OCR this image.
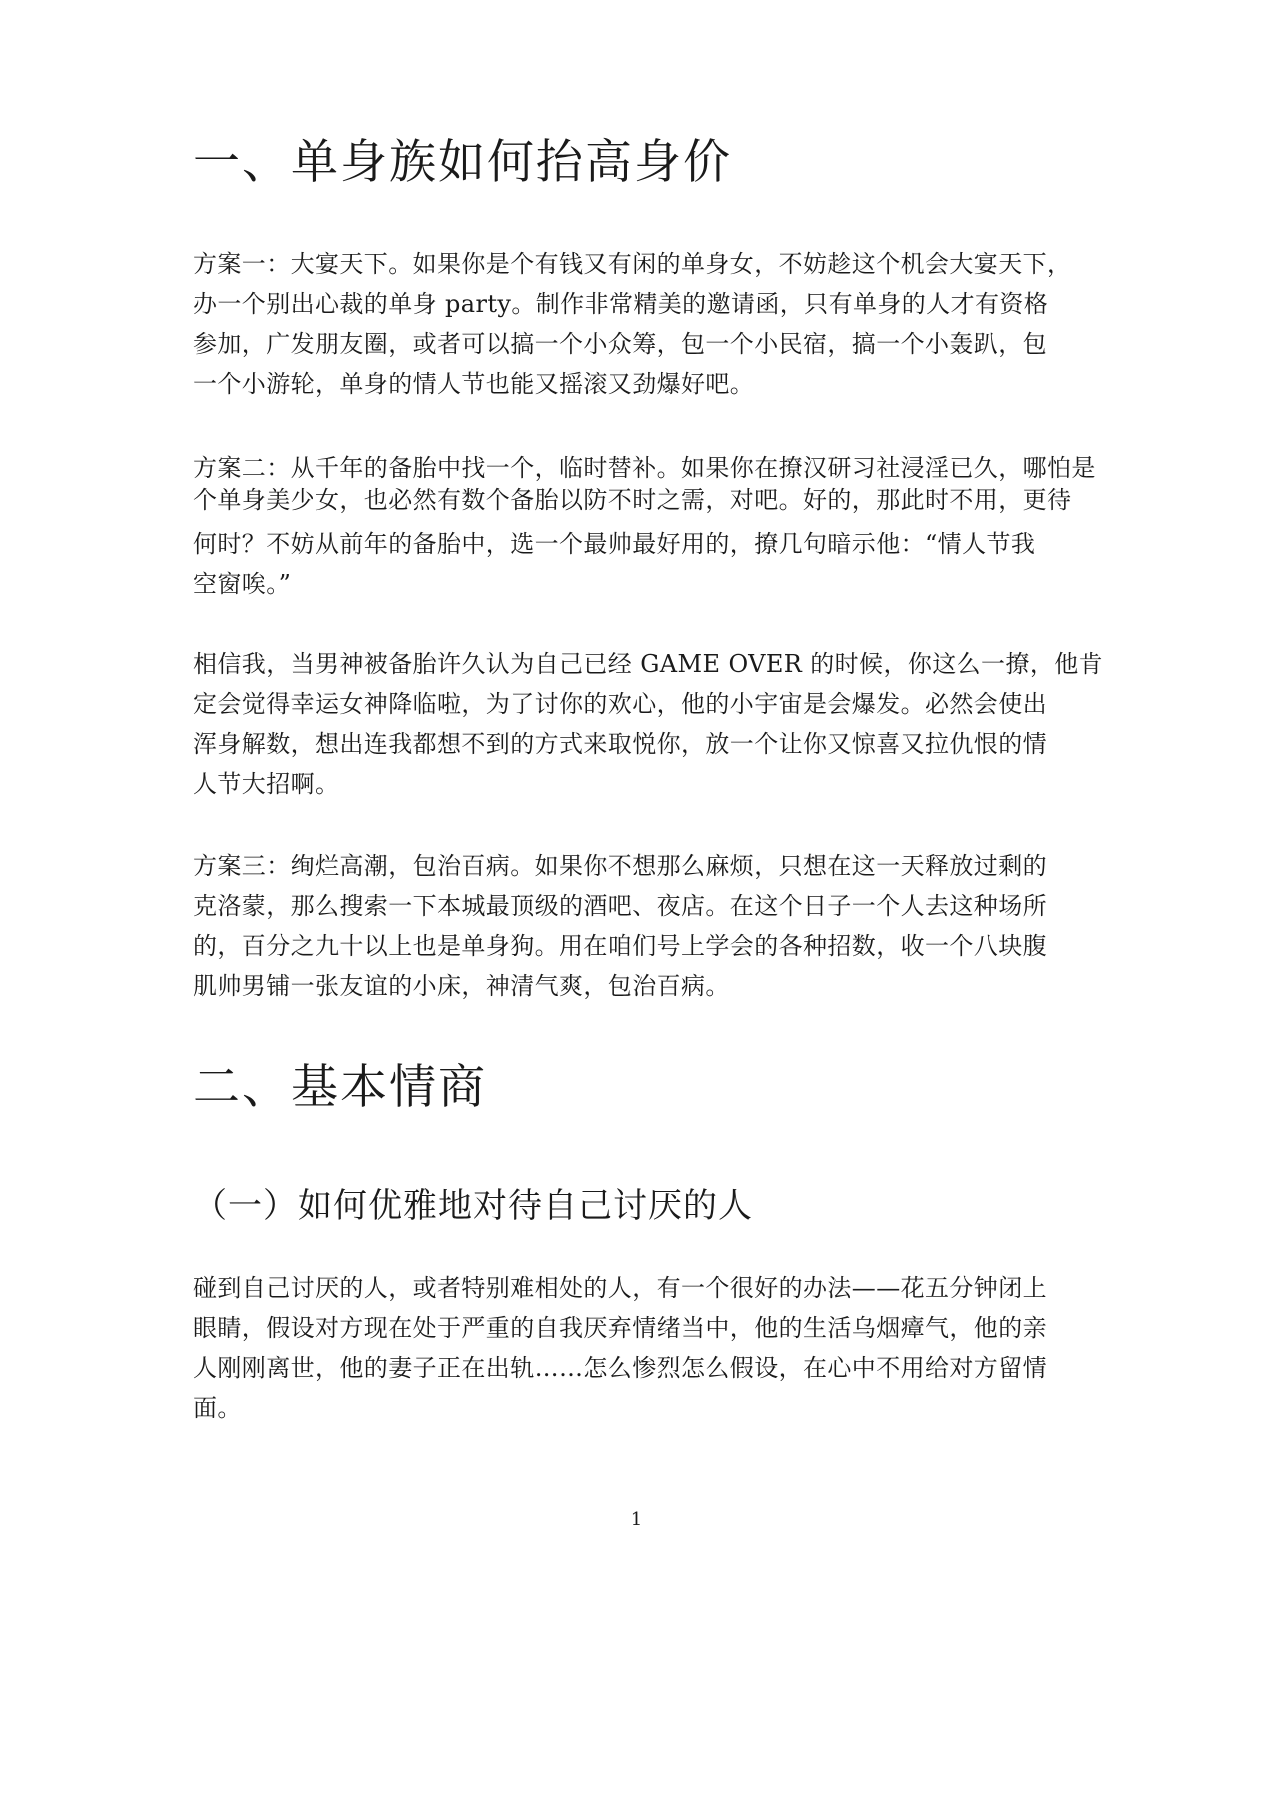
一、单身族如何抬高身价
方案一：大宴天下。如果你是个有钱又有闲的单身女，不妨趁这个机会大宴天下，
办一个别出心裁的单身 party。制作非常精美的邀请函，只有单身的人才有资格
参加，广发朋友圈，或者可以搞一个小众筹，包一个小民宿，搞一个小轰趴，包
一个小游轮，单身的情人节也能又摇滚又劲爆好吧。
方案二：从千年的备胎中找一个，临时替补。如果你在撩汉研习社浸淫已久，哪怕是
个单身美少女，也必然有数个备胎以防不时之需，对吧。好的，那此时不用，更待
何时？不妨从前年的备胎中，选一个最帅最好用的，撩几句暗示他：“情人节我
空窗唉。”
相信我，当男神被备胎许久认为自己已经 GAME OVER 的时候，你这么一撩，他肯
定会觉得幸运女神降临啦，为了讨你的欢心，他的小宇宙是会爆发。必然会使出
浑身解数，想出连我都想不到的方式来取悦你，放一个让你又惊喜又拉仇恨的情
人节大招啊。
方案三：绚烂高潮，包治百病。如果你不想那么麻烦，只想在这一天释放过剩的
克洛蒙，那么搜索一下本城最顶级的酒吧、夜店。在这个日子一个人去这种场所
的，百分之九十以上也是单身狗。用在咱们号上学会的各种招数，收一个八块腹
肌帅男铺一张友谊的小床，神清气爽，包治百病。
二、基本情商
（一）如何优雅地对待自己讨厌的人
碰到自己讨厌的人，或者特别难相处的人，有一个很好的办法——花五分钟闭上
眼睛，假设对方现在处于严重的自我厌弃情绪当中，他的生活乌烟瘴气，他的亲
人刚刚离世，他的妻子正在出轨……怎么惨烈怎么假设，在心中不用给对方留情
面。
1
